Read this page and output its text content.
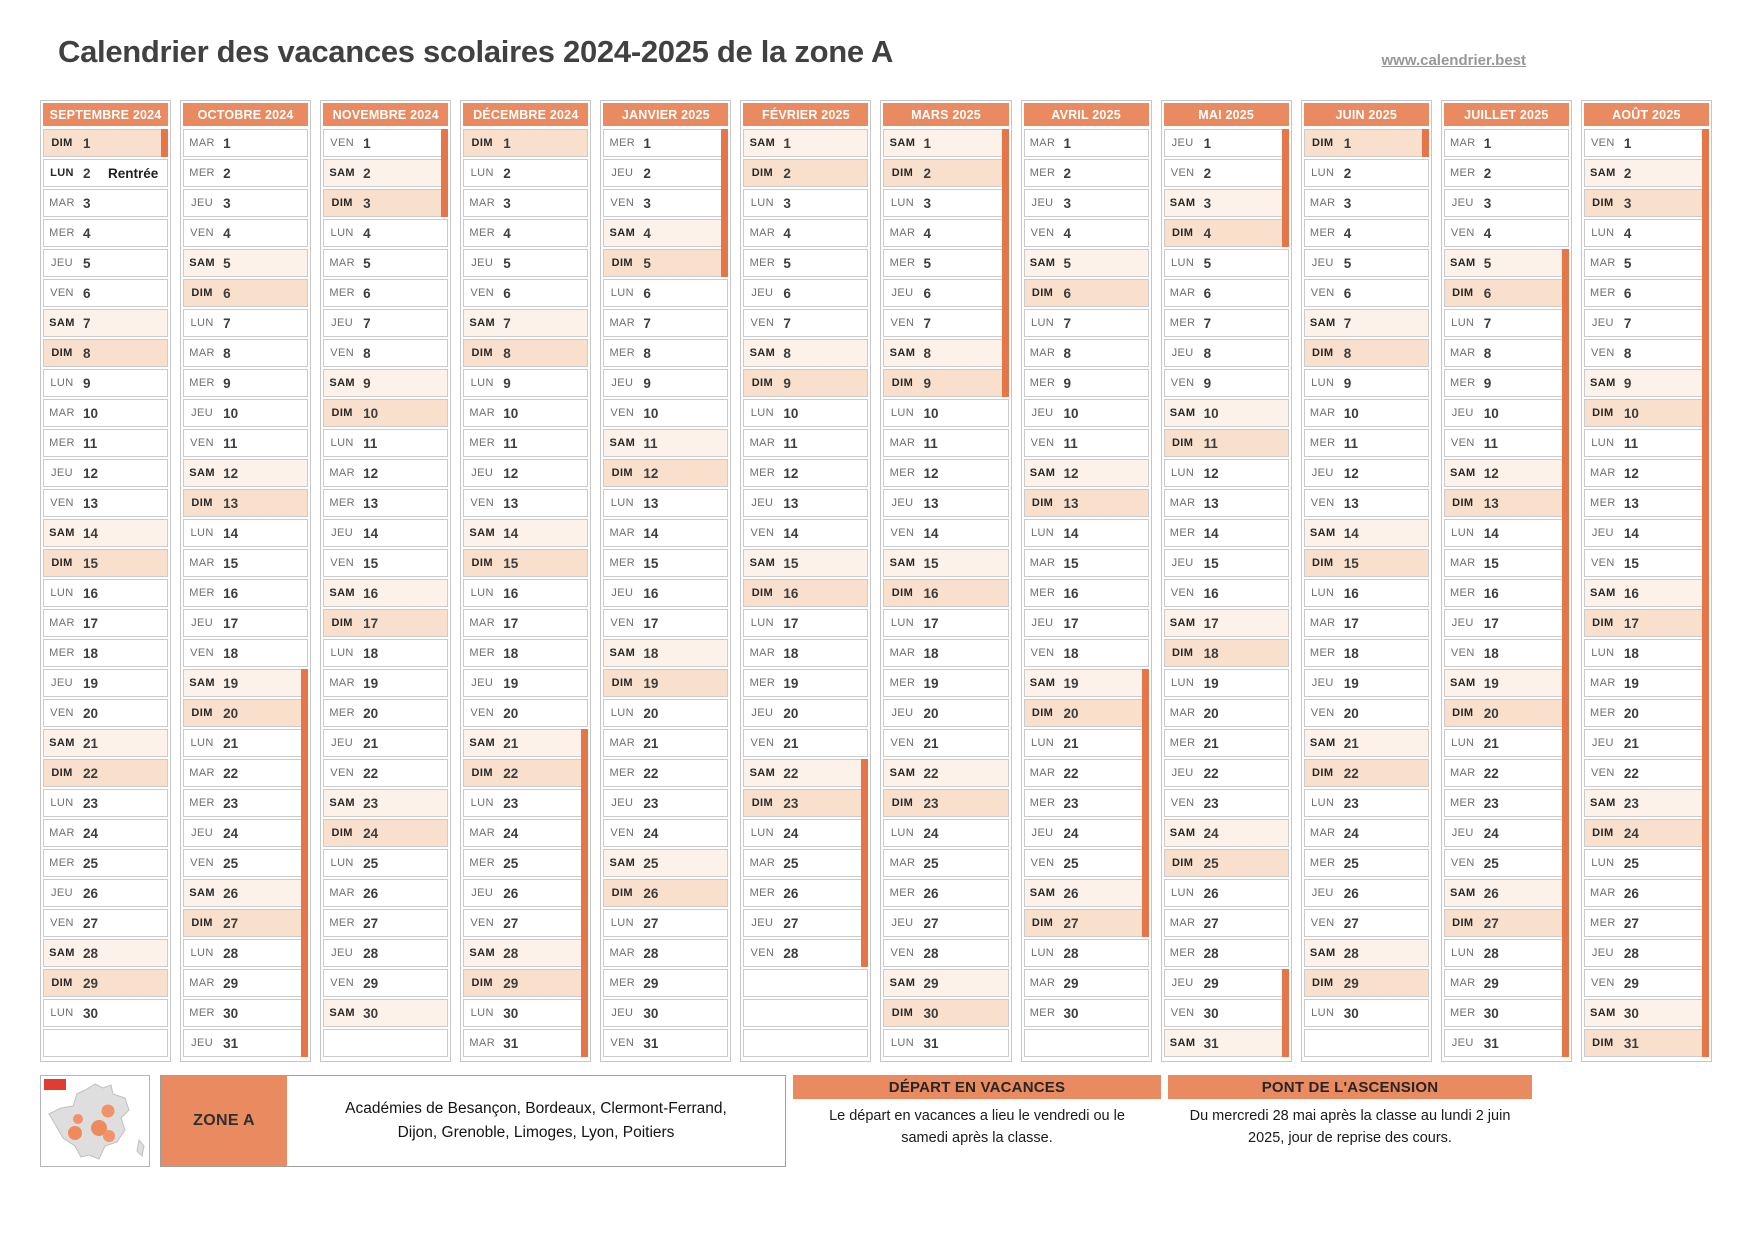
Calendrier des vacances scolaires 2024-2025 de la zone A	www.calendrier.best
SEPTEMBRE 2024
DIM 1
LUN 2	Rentrée
MAR 3
MER 4
JEU 5
VEN 6
SAM 7
DIM 8
LUN 9
MAR 10
MER 11
JEU 12
VEN 13
SAM 14
DIM 15
LUN 16
MAR 17
MER 18
JEU 19
VEN 20
SAM 21
DIM 22
LUN 23
MAR 24
MER 25
JEU 26
VEN 27
SAM 28
DIM 29
LUN 30
OCTOBRE 2024
MAR 1
MER 2
JEU 3
VEN 4
SAM 5
DIM 6
LUN 7
MAR 8
MER 9
JEU 10
VEN 11
SAM 12
DIM 13
LUN 14
MAR 15
MER 16
JEU 17
VEN 18
SAM 19
DIM 20
LUN 21
MAR 22
MER 23
JEU 24
VEN 25
SAM 26
DIM 27
LUN 28
MAR 29
MER 30
JEU 31
NOVEMBRE 2024
VEN 1
SAM 2
DIM 3
LUN 4
MAR 5
MER 6
JEU 7
VEN 8
SAM 9
DIM 10
LUN 11
MAR 12
MER 13
JEU 14
VEN 15
SAM 16
DIM 17
LUN 18
MAR 19
MER 20
JEU 21
VEN 22
SAM 23
DIM 24
LUN 25
MAR 26
MER 27
JEU 28
VEN 29
SAM 30
DÉCEMBRE 2024
DIM 1
LUN 2
MAR 3
MER 4
JEU 5
VEN 6
SAM 7
DIM 8
LUN 9
MAR 10
MER 11
JEU 12
VEN 13
SAM 14
DIM 15
LUN 16
MAR 17
MER 18
JEU 19
VEN 20
SAM 21
DIM 22
LUN 23
MAR 24
MER 25
JEU 26
VEN 27
SAM 28
DIM 29
LUN 30
MAR 31
JANVIER 2025
MER 1
JEU 2
VEN 3
SAM 4
DIM 5
LUN 6
MAR 7
MER 8
JEU 9
VEN 10
SAM 11
DIM 12
LUN 13
MAR 14
MER 15
JEU 16
VEN 17
SAM 18
DIM 19
LUN 20
MAR 21
MER 22
JEU 23
VEN 24
SAM 25
DIM 26
LUN 27
MAR 28
MER 29
JEU 30
VEN 31
FÉVRIER 2025
SAM 1
DIM 2
LUN 3
MAR 4
MER 5
JEU 6
VEN 7
SAM 8
DIM 9
LUN 10
MAR 11
MER 12
JEU 13
VEN 14
SAM 15
DIM 16
LUN 17
MAR 18
MER 19
JEU 20
VEN 21
SAM 22
DIM 23
LUN 24
MAR 25
MER 26
JEU 27
VEN 28
MARS 2025
SAM 1
DIM 2
LUN 3
MAR 4
MER 5
JEU 6
VEN 7
SAM 8
DIM 9
LUN 10
MAR 11
MER 12
JEU 13
VEN 14
SAM 15
DIM 16
LUN 17
MAR 18
MER 19
JEU 20
VEN 21
SAM 22
DIM 23
LUN 24
MAR 25
MER 26
JEU 27
VEN 28
SAM 29
DIM 30
LUN 31
AVRIL 2025
MAR 1
MER 2
JEU 3
VEN 4
SAM 5
DIM 6
LUN 7
MAR 8
MER 9
JEU 10
VEN 11
SAM 12
DIM 13
LUN 14
MAR 15
MER 16
JEU 17
VEN 18
SAM 19
DIM 20
LUN 21
MAR 22
MER 23
JEU 24
VEN 25
SAM 26
DIM 27
LUN 28
MAR 29
MER 30
MAI 2025
JEU 1
VEN 2
SAM 3
DIM 4
LUN 5
MAR 6
MER 7
JEU 8
VEN 9
SAM 10
DIM 11
LUN 12
MAR 13
MER 14
JEU 15
VEN 16
SAM 17
DIM 18
LUN 19
MAR 20
MER 21
JEU 22
VEN 23
SAM 24
DIM 25
LUN 26
MAR 27
MER 28
JEU 29
VEN 30
SAM 31
JUIN 2025
DIM 1
LUN 2
MAR 3
MER 4
JEU 5
VEN 6
SAM 7
DIM 8
LUN 9
MAR 10
MER 11
JEU 12
VEN 13
SAM 14
DIM 15
LUN 16
MAR 17
MER 18
JEU 19
VEN 20
SAM 21
DIM 22
LUN 23
MAR 24
MER 25
JEU 26
VEN 27
SAM 28
DIM 29
LUN 30
JUILLET 2025
MAR 1
MER 2
JEU 3
VEN 4
SAM 5
DIM 6
LUN 7
MAR 8
MER 9
JEU 10
VEN 11
SAM 12
DIM 13
LUN 14
MAR 15
MER 16
JEU 17
VEN 18
SAM 19
DIM 20
LUN 21
MAR 22
MER 23
JEU 24
VEN 25
SAM 26
DIM 27
LUN 28
MAR 29
MER 30
JEU 31
AOÛT 2025
VEN 1
SAM 2
DIM 3
LUN 4
MAR 5
MER 6
JEU 7
VEN 8
SAM 9
DIM 10
LUN 11
MAR 12
MER 13
JEU 14
VEN 15
SAM 16
DIM 17
LUN 18
MAR 19
MER 20
JEU 21
VEN 22
SAM 23
DIM 24
LUN 25
MAR 26
MER 27
JEU 28
VEN 29
SAM 30
DIM 31
ZONE A
Académies de Besançon, Bordeaux, Clermont-Ferrand, Dijon, Grenoble, Limoges, Lyon, Poitiers
DÉPART EN VACANCES
Le départ en vacances a lieu le vendredi ou le samedi après la classe.
PONT DE L'ASCENSION
Du mercredi 28 mai après la classe au lundi 2 juin 2025, jour de reprise des cours.
